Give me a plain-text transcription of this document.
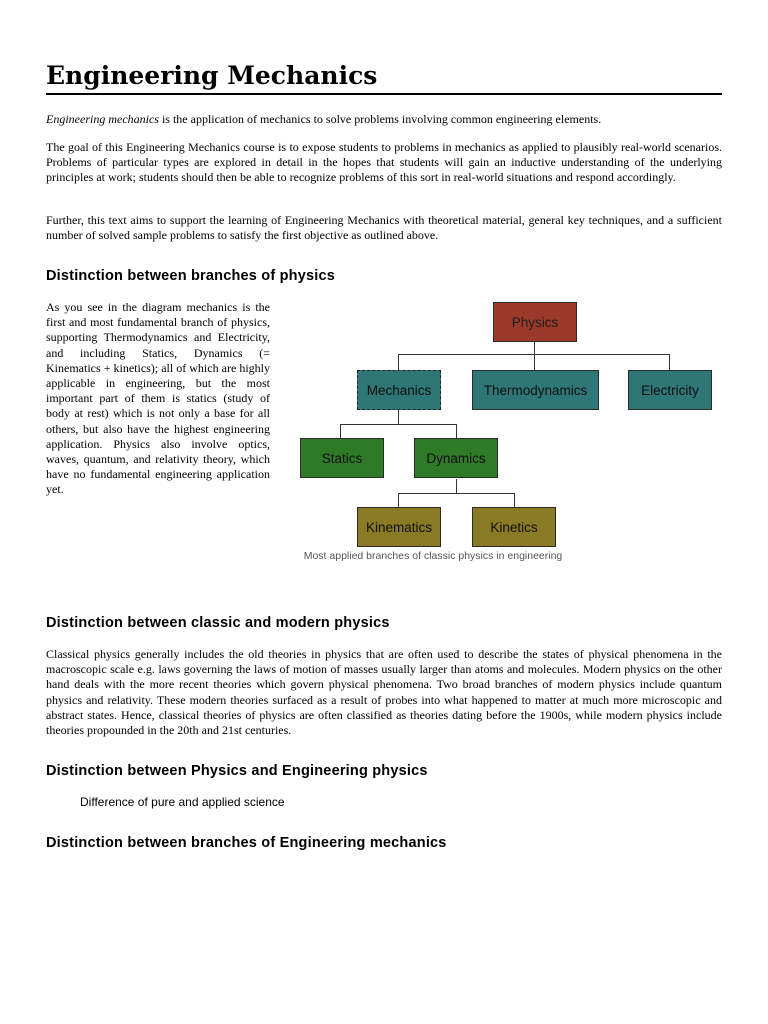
Engineering Mechanics

Engineering mechanics is the application of mechanics to solve problems involving common engineering elements.

The goal of this Engineering Mechanics course is to expose students to problems in mechanics as applied to plausibly real-world scenarios. Problems of particular types are explored in detail in the hopes that students will gain an inductive understanding of the underlying principles at work; students should then be able to recognize problems of this sort in real-world situations and respond accordingly.

Further, this text aims to support the learning of Engineering Mechanics with theoretical material, general key techniques, and a sufficient number of solved sample problems to satisfy the first objective as outlined above.

Distinction between branches of physics

As you see in the diagram mechanics is the first and most fundamental branch of physics, supporting Thermodynamics and Electricity, and including Statics, Dynamics (= Kinematics + kinetics); all of which are highly applicable in engineering, but the most important part of them is statics (study of body at rest) which is not only a base for all others, but also have the highest engineering application. Physics also involve optics, waves, quantum, and relativity theory, which have no fundamental engineering application yet.

Physics
Mechanics	Thermodynamics	Electricity
Statics	Dynamics
Kinematics	Kinetics
Most applied branches of classic physics in engineering
Distinction between classic and modern physics

Classical physics generally includes the old theories in physics that are often used to describe the states of physical phenomena in the macroscopic scale e.g. laws governing the laws of motion of masses usually larger than atoms and molecules. Modern physics on the other hand deals with the more recent theories which govern physical phenomena. Two broad branches of modern physics include quantum physics and relativity. These modern theories surfaced as a result of probes into what happened to matter at much more microscopic and abstract states. Hence, classical theories of physics are often classified as theories dating before the 1900s, while modern physics include theories propounded in the 20th and 21st centuries.

Distinction between Physics and Engineering physics

Difference of pure and applied science

Distinction between branches of Engineering mechanics
